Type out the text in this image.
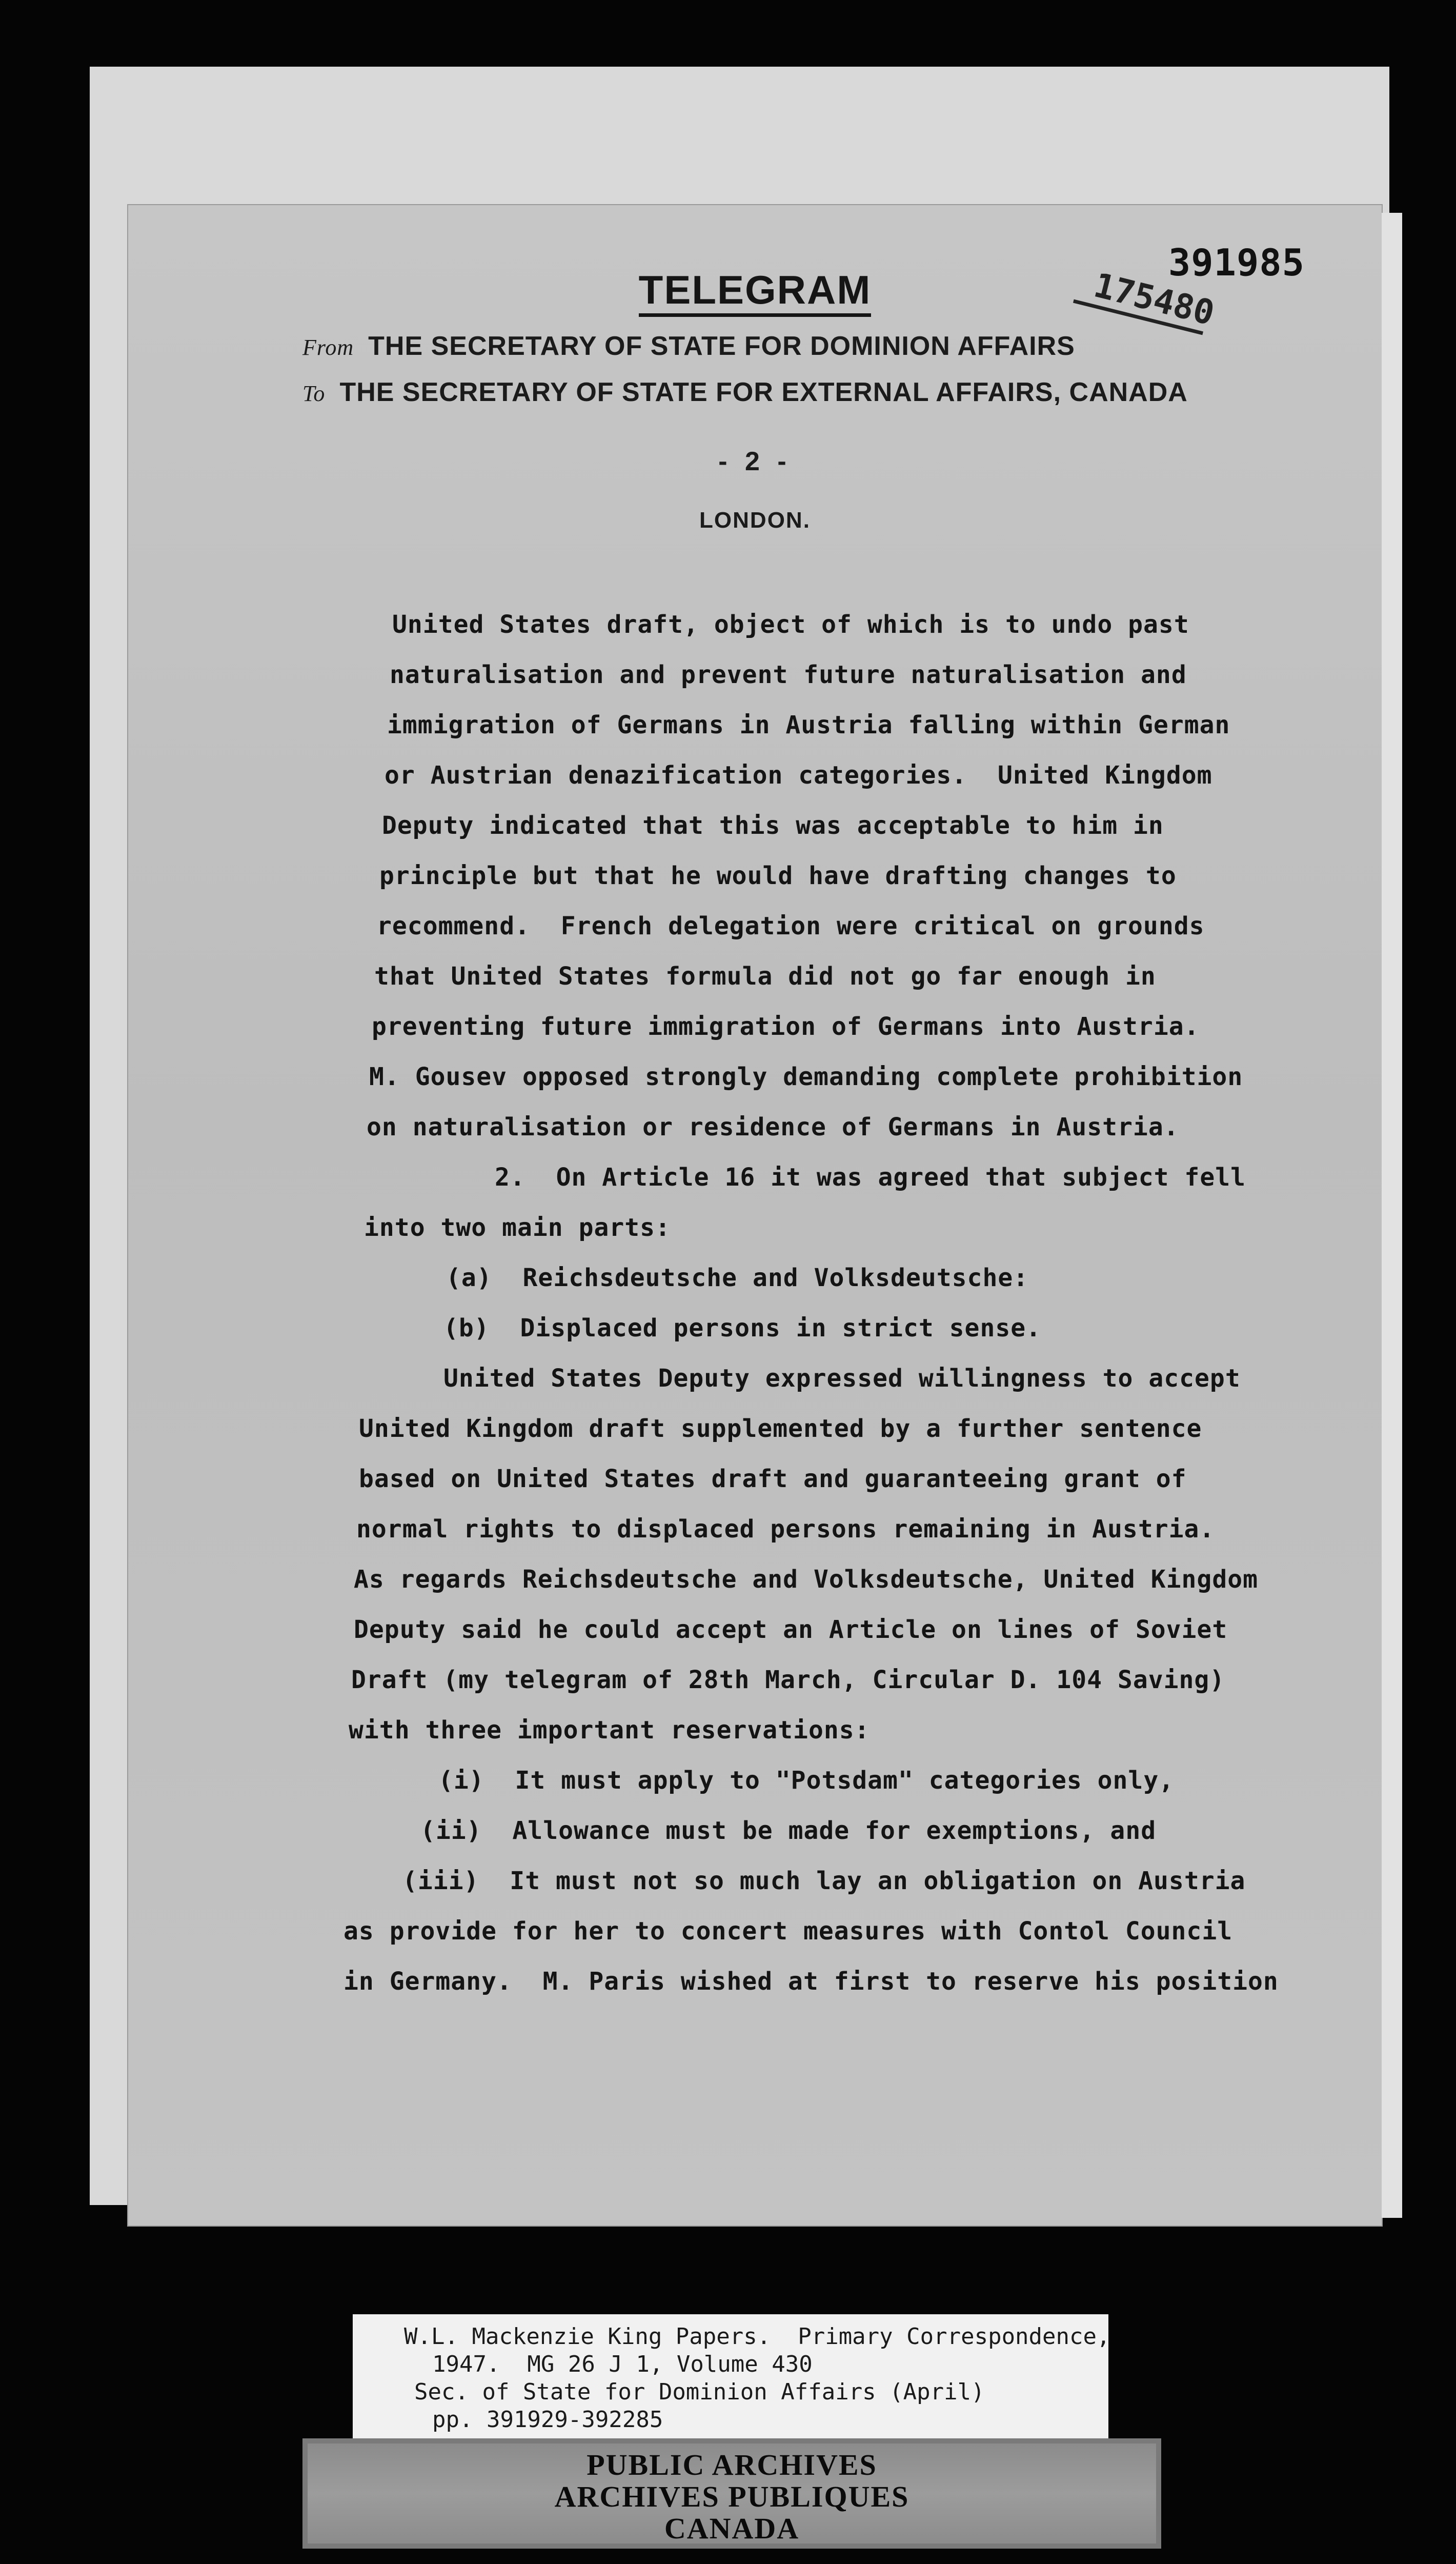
TELEGRAM
391985
175480
From THE SECRETARY OF STATE FOR DOMINION AFFAIRS
To THE SECRETARY OF STATE FOR EXTERNAL AFFAIRS, CANADA
- 2 -
LONDON.
United States draft, object of which is to undo past
naturalisation and prevent future naturalisation and
immigration of Germans in Austria falling within German
or Austrian denazification categories.  United Kingdom
Deputy indicated that this was acceptable to him in
principle but that he would have drafting changes to
recommend.  French delegation were critical on grounds
that United States formula did not go far enough in
preventing future immigration of Germans into Austria.
M. Gousev opposed strongly demanding complete prohibition
on naturalisation or residence of Germans in Austria.
2.  On Article 16 it was agreed that subject fell
into two main parts:
(a)  Reichsdeutsche and Volksdeutsche:
(b)  Displaced persons in strict sense.
United States Deputy expressed willingness to accept
United Kingdom draft supplemented by a further sentence
based on United States draft and guaranteeing grant of
normal rights to displaced persons remaining in Austria.
As regards Reichsdeutsche and Volksdeutsche, United Kingdom
Deputy said he could accept an Article on lines of Soviet
Draft (my telegram of 28th March, Circular D. 104 Saving)
with three important reservations:
(i)  It must apply to "Potsdam" categories only,
(ii)  Allowance must be made for exemptions, and
(iii)  It must not so much lay an obligation on Austria
as provide for her to concert measures with Contol Council
in Germany.  M. Paris wished at first to reserve his position
W.L. Mackenzie King Papers.  Primary Correspondence,
1947.  MG 26 J 1, Volume 430
Sec. of State for Dominion Affairs (April)
pp. 391929-392285
PUBLIC ARCHIVES
ARCHIVES PUBLIQUES
CANADA
